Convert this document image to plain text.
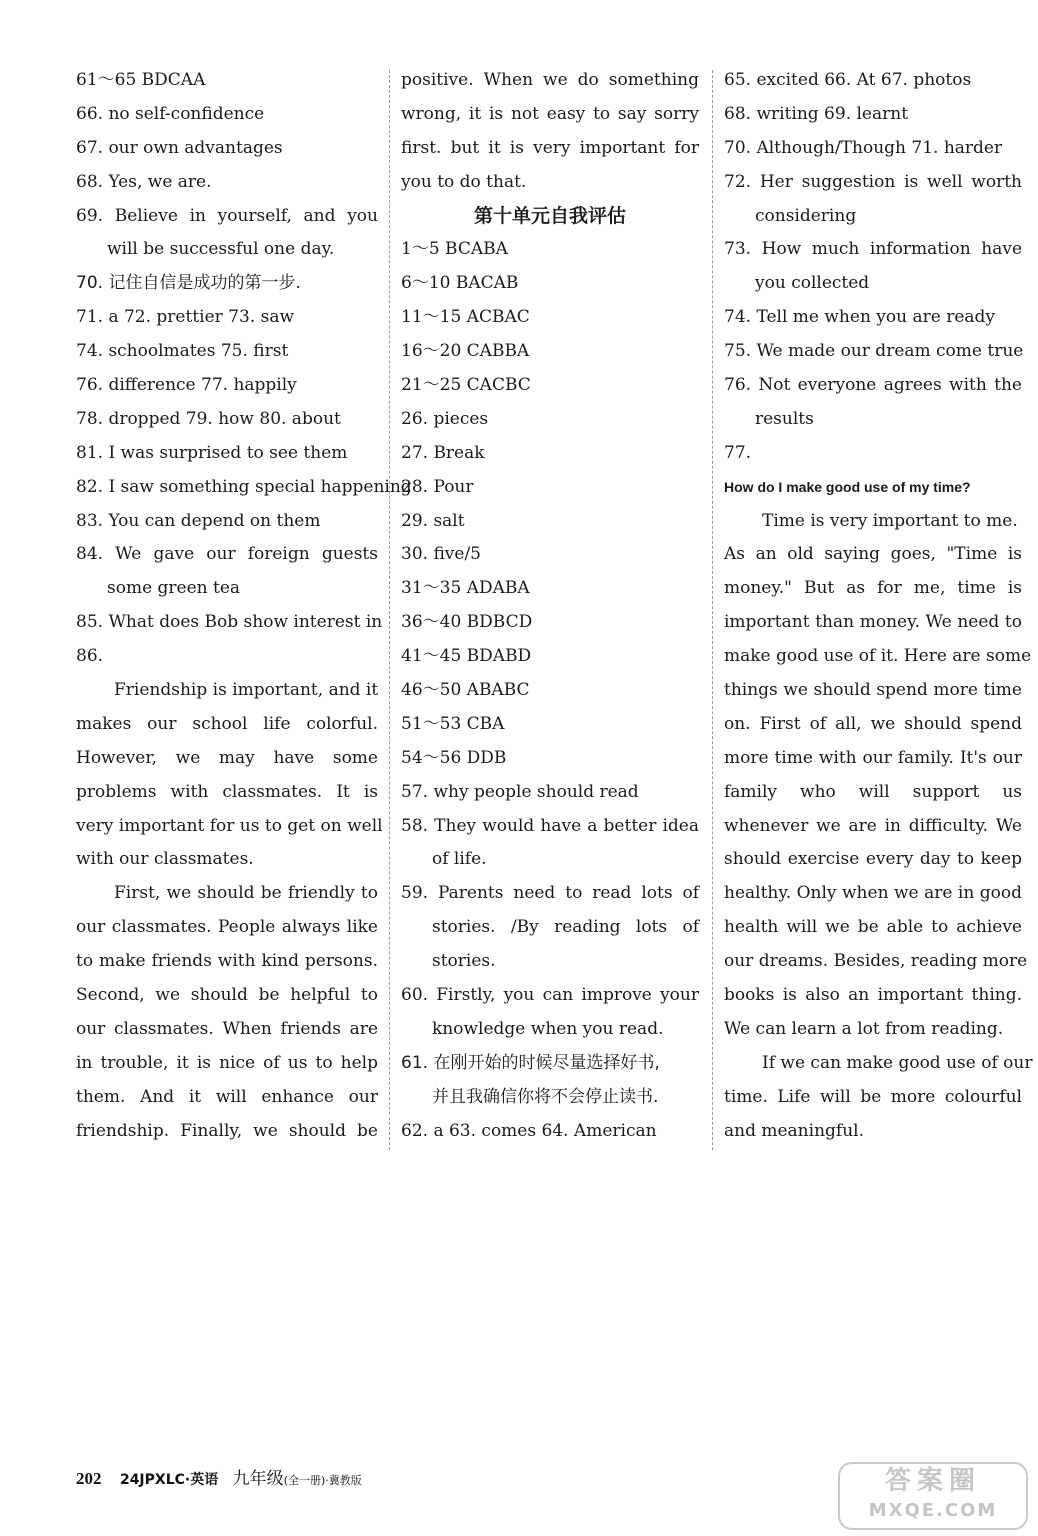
61～65 BDCAA
66. no self-confidence
67. our own advantages
68. Yes, we are.
69. Believe in yourself, and you
will be successful one day.
70. 记住自信是成功的第一步.
71. a 72. prettier 73. saw
74. schoolmates 75. first
76. difference 77. happily
78. dropped 79. how 80. about
81. I was surprised to see them
82. I saw something special happening
83. You can depend on them
84. We gave our foreign guests
some green tea
85. What does Bob show interest in
86.
Friendship is important, and it
makes our school life colorful.
However, we may have some
problems with classmates. It is
very important for us to get on well
with our classmates.
First, we should be friendly to
our classmates. People always like
to make friends with kind persons.
Second, we should be helpful to
our classmates. When friends are
in trouble, it is nice of us to help
them. And it will enhance our
friendship. Finally, we should be
positive. When we do something
wrong, it is not easy to say sorry
first. but it is very important for
you to do that.
第十单元自我评估
1～5 BCABA
6～10 BACAB
11～15 ACBAC
16～20 CABBA
21～25 CACBC
26. pieces
27. Break
28. Pour
29. salt
30. five/5
31～35 ADABA
36～40 BDBCD
41～45 BDABD
46～50 ABABC
51～53 CBA
54～56 DDB
57. why people should read
58. They would have a better idea
of life.
59. Parents need to read lots of
stories. /By reading lots of
stories.
60. Firstly, you can improve your
knowledge when you read.
61. 在刚开始的时候尽量选择好书,
并且我确信你将不会停止读书.
62. a 63. comes 64. American
65. excited 66. At 67. photos
68. writing 69. learnt
70. Although/Though 71. harder
72. Her suggestion is well worth
considering
73. How much information have
you collected
74. Tell me when you are ready
75. We made our dream come true
76. Not everyone agrees with the
results
77.
How do I make good use of my time?
Time is very important to me.
As an old saying goes, "Time is
money." But as for me, time is
important than money. We need to
make good use of it. Here are some
things we should spend more time
on. First of all, we should spend
more time with our family. It's our
family who will support us
whenever we are in difficulty. We
should exercise every day to keep
healthy. Only when we are in good
health will we be able to achieve
our dreams. Besides, reading more
books is also an important thing.
We can learn a lot from reading.
If we can make good use of our
time. Life will be more colourful
and meaningful.
202 24JPXLC·英语 九年级(全一册)·冀教版	答案圈
MXQE.COM
